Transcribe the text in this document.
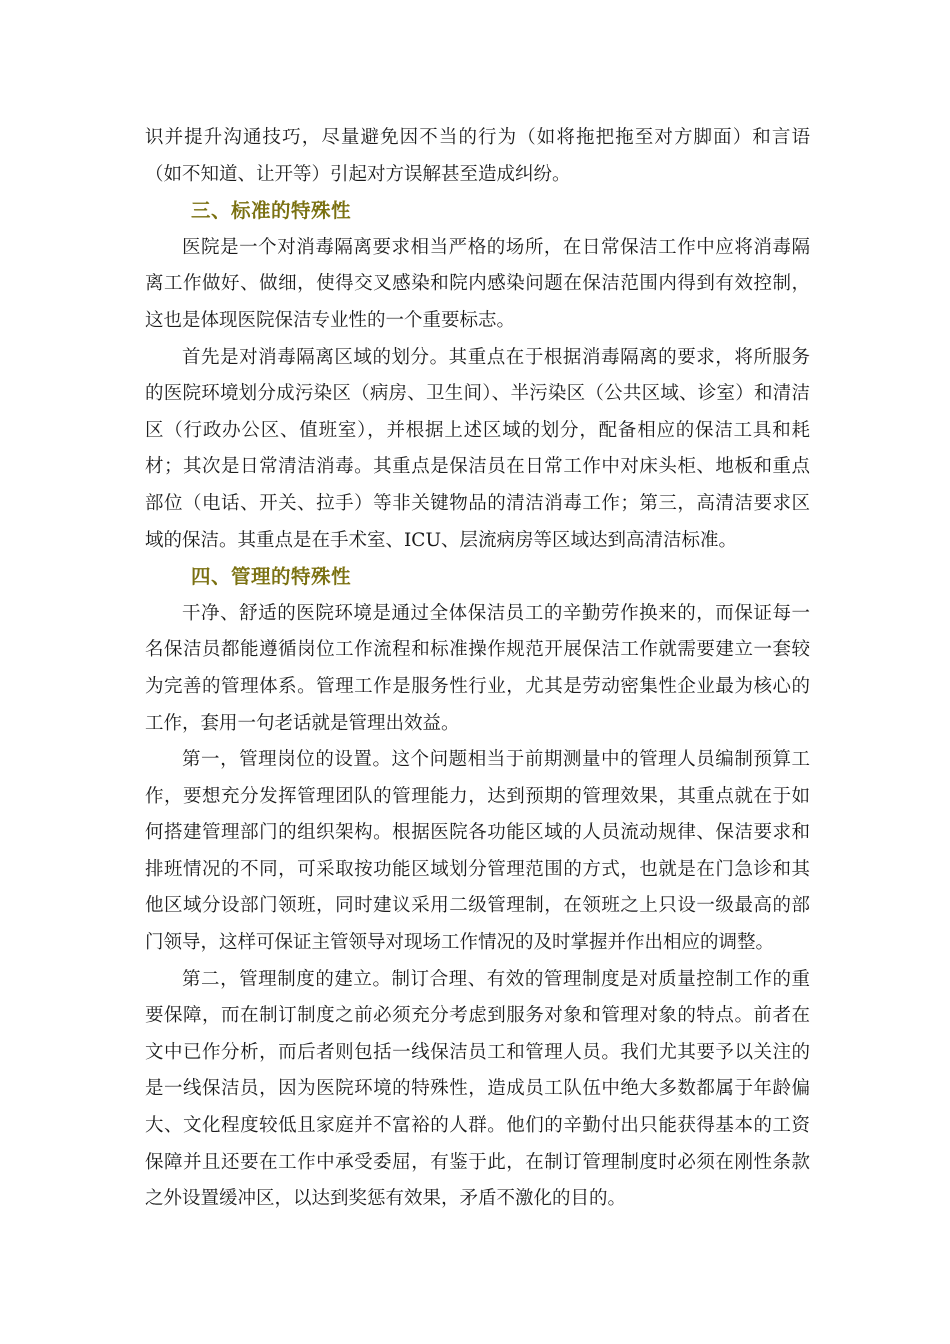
识并提升沟通技巧，尽量避免因不当的行为（如将拖把拖至对方脚面）和言语（如不知道、让开等）引起对方误解甚至造成纠纷。

三、标准的特殊性

医院是一个对消毒隔离要求相当严格的场所，在日常保洁工作中应将消毒隔离工作做好、做细，使得交叉感染和院内感染问题在保洁范围内得到有效控制，这也是体现医院保洁专业性的一个重要标志。

首先是对消毒隔离区域的划分。其重点在于根据消毒隔离的要求，将所服务的医院环境划分成污染区（病房、卫生间）、半污染区（公共区域、诊室）和清洁区（行政办公区、值班室），并根据上述区域的划分，配备相应的保洁工具和耗材；其次是日常清洁消毒。其重点是保洁员在日常工作中对床头柜、地板和重点部位（电话、开关、拉手）等非关键物品的清洁消毒工作；第三，高清洁要求区域的保洁。其重点是在手术室、ICU、层流病房等区域达到高清洁标准。

四、管理的特殊性

干净、舒适的医院环境是通过全体保洁员工的辛勤劳作换来的，而保证每一名保洁员都能遵循岗位工作流程和标准操作规范开展保洁工作就需要建立一套较为完善的管理体系。管理工作是服务性行业，尤其是劳动密集性企业最为核心的工作，套用一句老话就是管理出效益。

第一，管理岗位的设置。这个问题相当于前期测量中的管理人员编制预算工作，要想充分发挥管理团队的管理能力，达到预期的管理效果，其重点就在于如何搭建管理部门的组织架构。根据医院各功能区域的人员流动规律、保洁要求和排班情况的不同，可采取按功能区域划分管理范围的方式，也就是在门急诊和其他区域分设部门领班，同时建议采用二级管理制，在领班之上只设一级最高的部门领导，这样可保证主管领导对现场工作情况的及时掌握并作出相应的调整。

第二，管理制度的建立。制订合理、有效的管理制度是对质量控制工作的重要保障，而在制订制度之前必须充分考虑到服务对象和管理对象的特点。前者在文中已作分析，而后者则包括一线保洁员工和管理人员。我们尤其要予以关注的是一线保洁员，因为医院环境的特殊性，造成员工队伍中绝大多数都属于年龄偏大、文化程度较低且家庭并不富裕的人群。他们的辛勤付出只能获得基本的工资保障并且还要在工作中承受委屈，有鉴于此，在制订管理制度时必须在刚性条款之外设置缓冲区，以达到奖惩有效果，矛盾不激化的目的。
